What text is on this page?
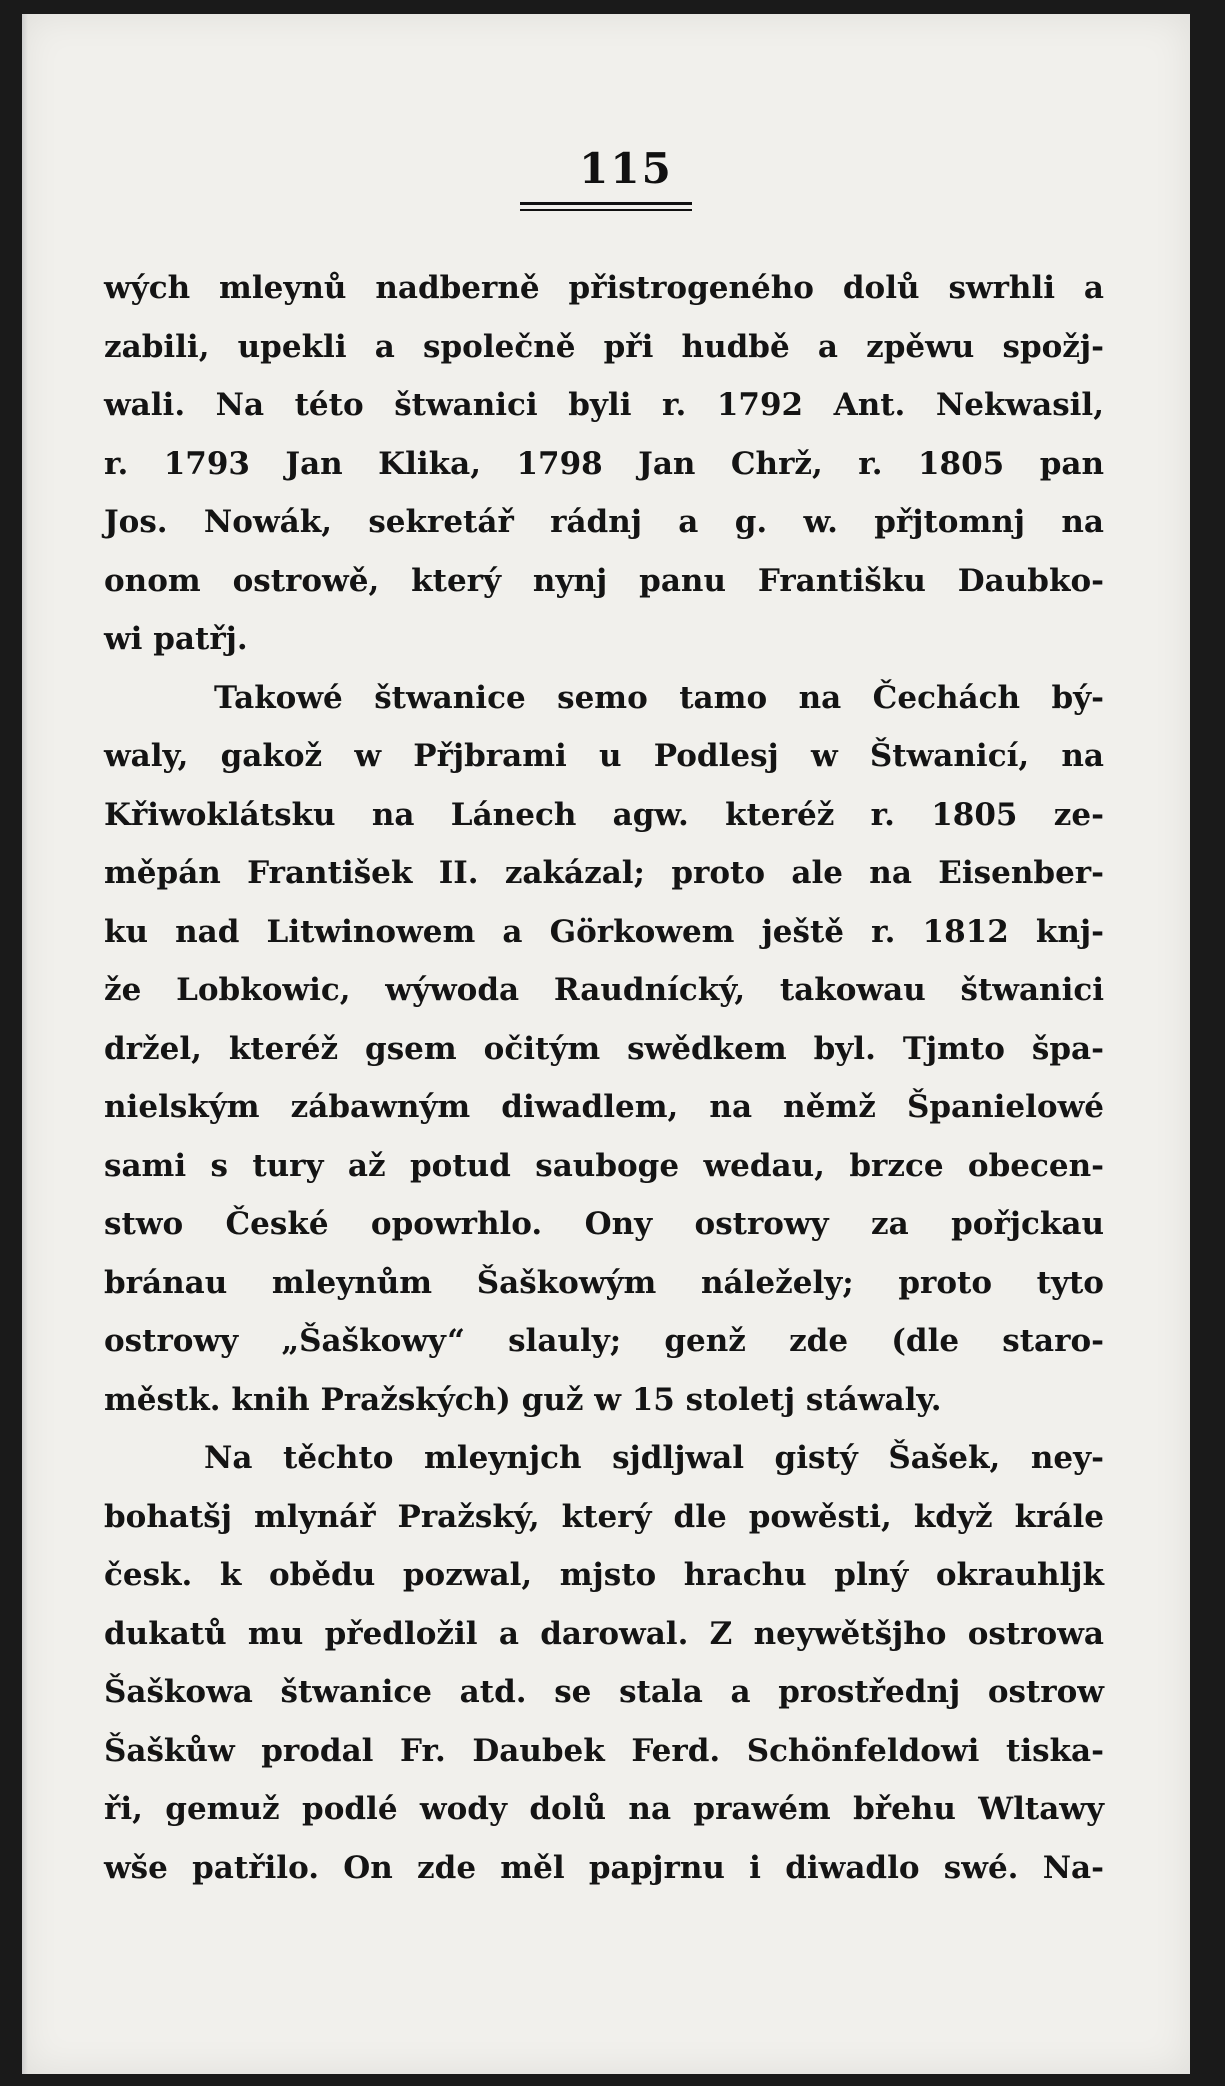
115
wých mleynů nadberně přistrogeného dolů swrhli a
zabili, upekli a společně při hudbě a zpěwu spožj-
wali. Na této štwanici byli r. 1792 Ant. Nekwasil,
r. 1793 Jan Klika, 1798 Jan Chrž, r. 1805 pan
Jos. Nowák, sekretář rádnj a g. w. přjtomnj na
onom ostrowě, který nynj panu Františku Daubko-
wi patřj.
Takowé štwanice semo tamo na Čechách bý-
waly, gakož w Přjbrami u Podlesj w Štwanicí, na
Křiwoklátsku na Lánech agw. kteréž r. 1805 ze-
měpán František II. zakázal; proto ale na Eisenber-
ku nad Litwinowem a Görkowem ještě r. 1812 knj-
že Lobkowic, wýwoda Raudnícký, takowau štwanici
držel, kteréž gsem očitým swědkem byl. Tjmto špa-
nielským zábawným diwadlem, na němž Španielowé
sami s tury až potud sauboge wedau, brzce obecen-
stwo České opowrhlo. Ony ostrowy za pořjckau
bránau mleynům Šaškowým náležely; proto tyto
ostrowy „Šaškowy“ slauly; genž zde (dle staro-
městk. knih Pražských) guž w 15 stoletj stáwaly.
Na těchto mleynjch sjdljwal gistý Šašek, ney-
bohatšj mlynář Pražský, který dle powěsti, když krále
česk. k obědu pozwal, mjsto hrachu plný okrauhljk
dukatů mu předložil a darowal. Z neywětšjho ostrowa
Šaškowa štwanice atd. se stala a prostřednj ostrow
Šaškůw prodal Fr. Daubek Ferd. Schönfeldowi tiska-
ři, gemuž podlé wody dolů na prawém břehu Wltawy
wše patřilo. On zde měl papjrnu i diwadlo swé. Na-
